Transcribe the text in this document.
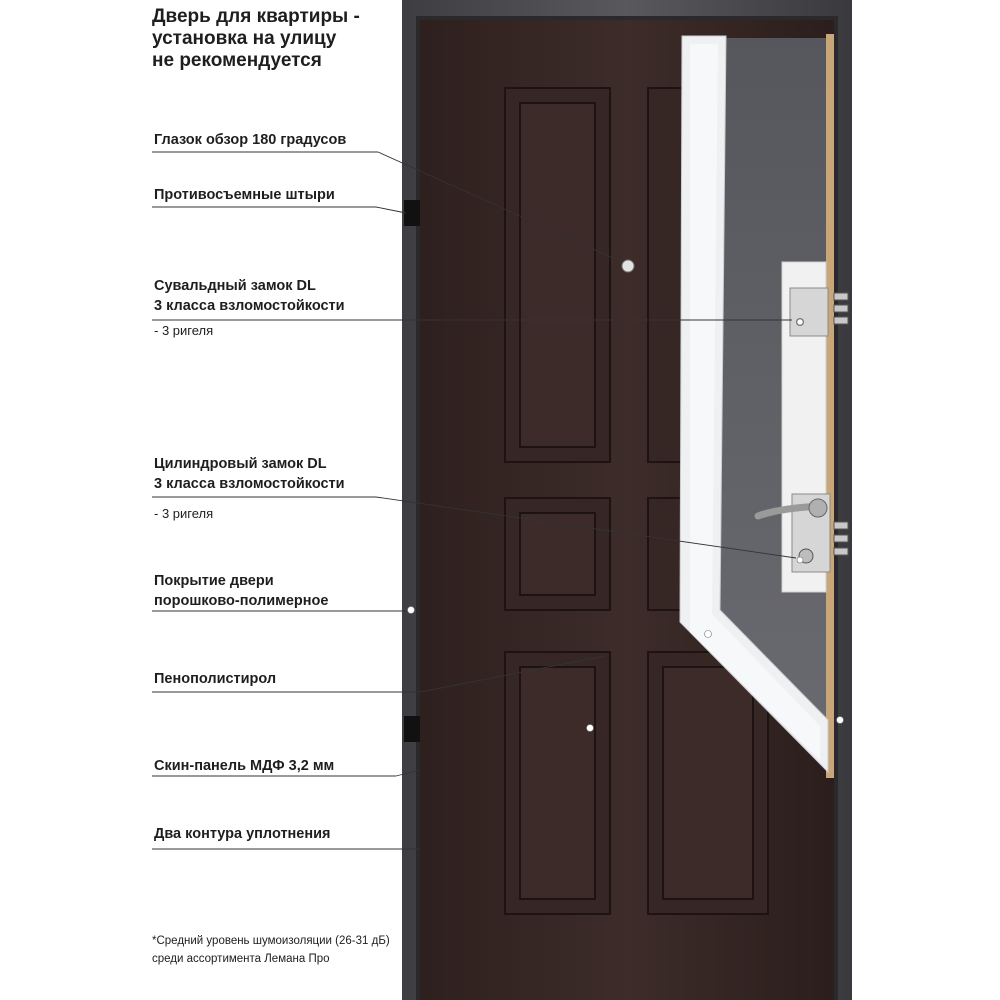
Дверь для квартиры -
установка на улицу
не рекомендуется
Глазок обзор 180 градусов
Противосъемные штыри
Сувальдный замок DL
3 класса взломостойкости
- 3 ригеля
Цилиндровый замок DL
3 класса взломостойкости
- 3 ригеля
Покрытие двери
порошково-полимерное
Пенополистирол
Скин-панель МДФ 3,2 мм
Два контура уплотнения
*Средний уровень шумоизоляции (26-31 дБ)
среди ассортимента Лемана Про
